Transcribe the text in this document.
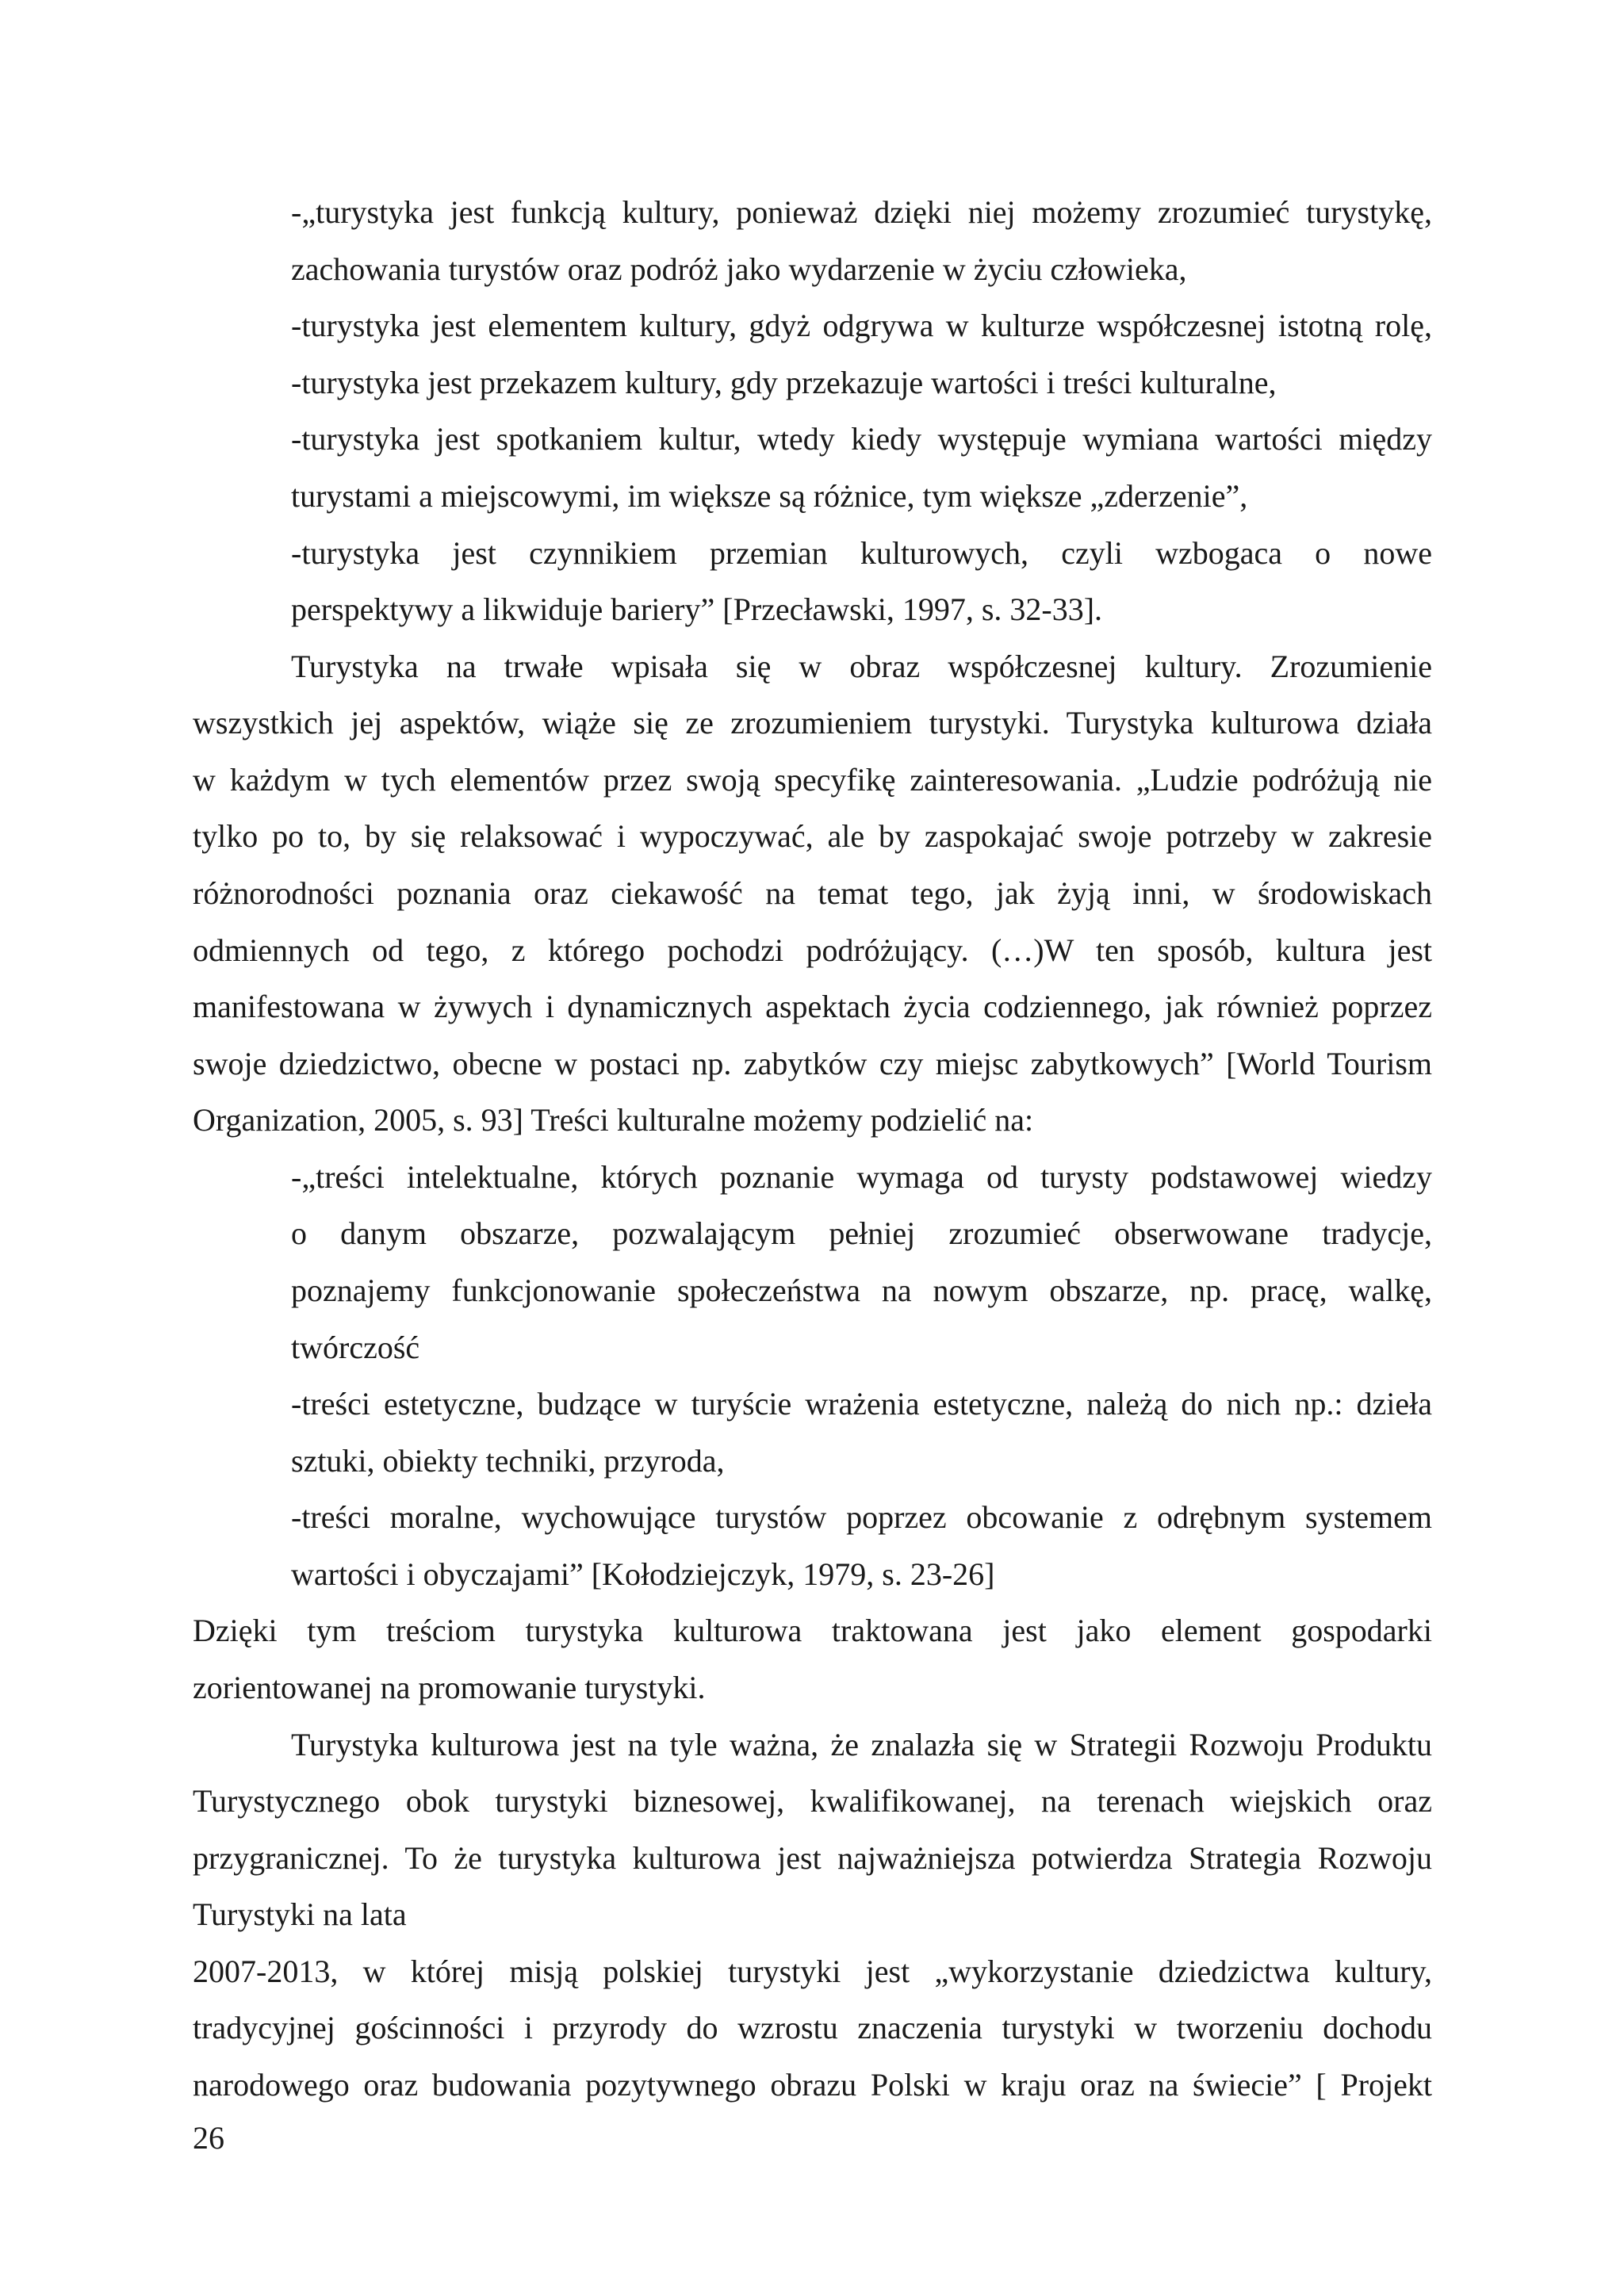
-„turystyka jest funkcją kultury, ponieważ dzięki niej możemy zrozumieć turystykę,
zachowania turystów oraz podróż jako wydarzenie w życiu człowieka,
-turystyka jest elementem kultury, gdyż odgrywa w kulturze współczesnej istotną rolę,
-turystyka jest przekazem kultury, gdy przekazuje wartości i treści kulturalne,
-turystyka jest spotkaniem kultur, wtedy kiedy występuje wymiana wartości między
turystami a miejscowymi, im większe są różnice, tym większe „zderzenie”,
-turystyka jest czynnikiem przemian kulturowych, czyli wzbogaca o nowe
perspektywy a likwiduje bariery” [Przecławski, 1997, s. 32-33].
Turystyka na trwałe wpisała się w obraz współczesnej kultury. Zrozumienie
wszystkich jej aspektów, wiąże się ze zrozumieniem turystyki. Turystyka kulturowa działa
w każdym w tych elementów przez swoją specyfikę zainteresowania. „Ludzie podróżują nie
tylko po to, by się relaksować i wypoczywać, ale by zaspokajać swoje potrzeby w zakresie
różnorodności poznania oraz ciekawość na temat tego, jak żyją inni, w środowiskach
odmiennych od tego, z którego pochodzi podróżujący. (…)W ten sposób, kultura jest
manifestowana w żywych i dynamicznych aspektach życia codziennego, jak również poprzez
swoje dziedzictwo, obecne w postaci np. zabytków czy miejsc zabytkowych” [World Tourism
Organization, 2005, s. 93] Treści kulturalne możemy podzielić na:
-„treści intelektualne, których poznanie wymaga od turysty podstawowej wiedzy
o danym obszarze, pozwalającym pełniej zrozumieć obserwowane tradycje,
poznajemy funkcjonowanie społeczeństwa na nowym obszarze, np. pracę, walkę,
twórczość
-treści estetyczne, budzące w turyście wrażenia estetyczne, należą do nich np.: dzieła
sztuki, obiekty techniki, przyroda,
-treści moralne, wychowujące turystów poprzez obcowanie z odrębnym systemem
wartości i obyczajami” [Kołodziejczyk, 1979, s. 23-26]
Dzięki tym treściom turystyka kulturowa traktowana jest jako element gospodarki
zorientowanej na promowanie turystyki.
Turystyka kulturowa jest na tyle ważna, że znalazła się w Strategii Rozwoju Produktu
Turystycznego obok turystyki biznesowej, kwalifikowanej, na terenach wiejskich oraz
przygranicznej. To że turystyka kulturowa jest najważniejsza potwierdza Strategia Rozwoju
Turystyki na lata
2007-2013, w której misją polskiej turystyki jest „wykorzystanie dziedzictwa kultury,
tradycyjnej gościnności i przyrody do wzrostu znaczenia turystyki w tworzeniu dochodu
narodowego oraz budowania pozytywnego obrazu Polski w kraju oraz na świecie” [ Projekt
26
